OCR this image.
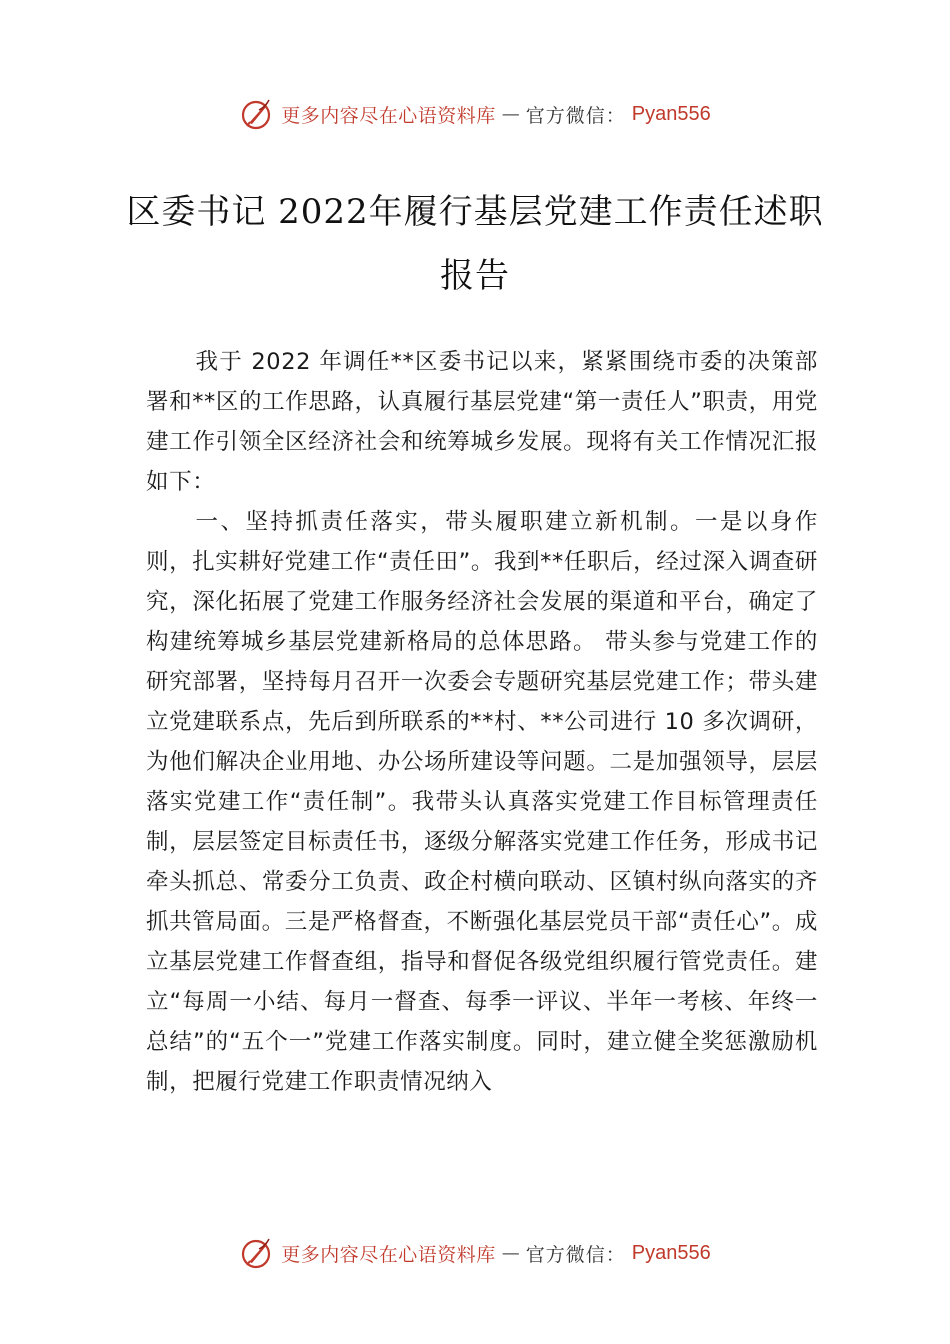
更多内容尽在心语资料库 — 官方微信： Pyan556
区委书记 2022年履行基层党建工作责任述职报告

我于 2022 年调任**区委书记以来，紧紧围绕市委的决策部署和**区的工作思路，认真履行基层党建“第一责任人”职责，用党建工作引领全区经济社会和统筹城乡发展。现将有关工作情况汇报如下：

一、坚持抓责任落实，带头履职建立新机制。一是以身作则，扎实耕好党建工作“责任田”。我到**任职后，经过深入调查研究，深化拓展了党建工作服务经济社会发展的渠道和平台，确定了构建统筹城乡基层党建新格局的总体思路。 带头参与党建工作的研究部署，坚持每月召开一次委会专题研究基层党建工作；带头建立党建联系点，先后到所联系的**村、**公司进行 10 多次调研，为他们解决企业用地、办公场所建设等问题。二是加强领导，层层落实党建工作“责任制”。我带头认真落实党建工作目标管理责任制，层层签定目标责任书，逐级分解落实党建工作任务，形成书记牵头抓总、常委分工负责、政企村横向联动、区镇村纵向落实的齐抓共管局面。三是严格督查，不断强化基层党员干部“责任心”。成立基层党建工作督查组，指导和督促各级党组织履行管党责任。建立“每周一小结、每月一督查、每季一评议、半年一考核、年终一总结”的“五个一”党建工作落实制度。同时，建立健全奖惩激励机制，把履行党建工作职责情况纳入

更多内容尽在心语资料库 — 官方微信： Pyan556
